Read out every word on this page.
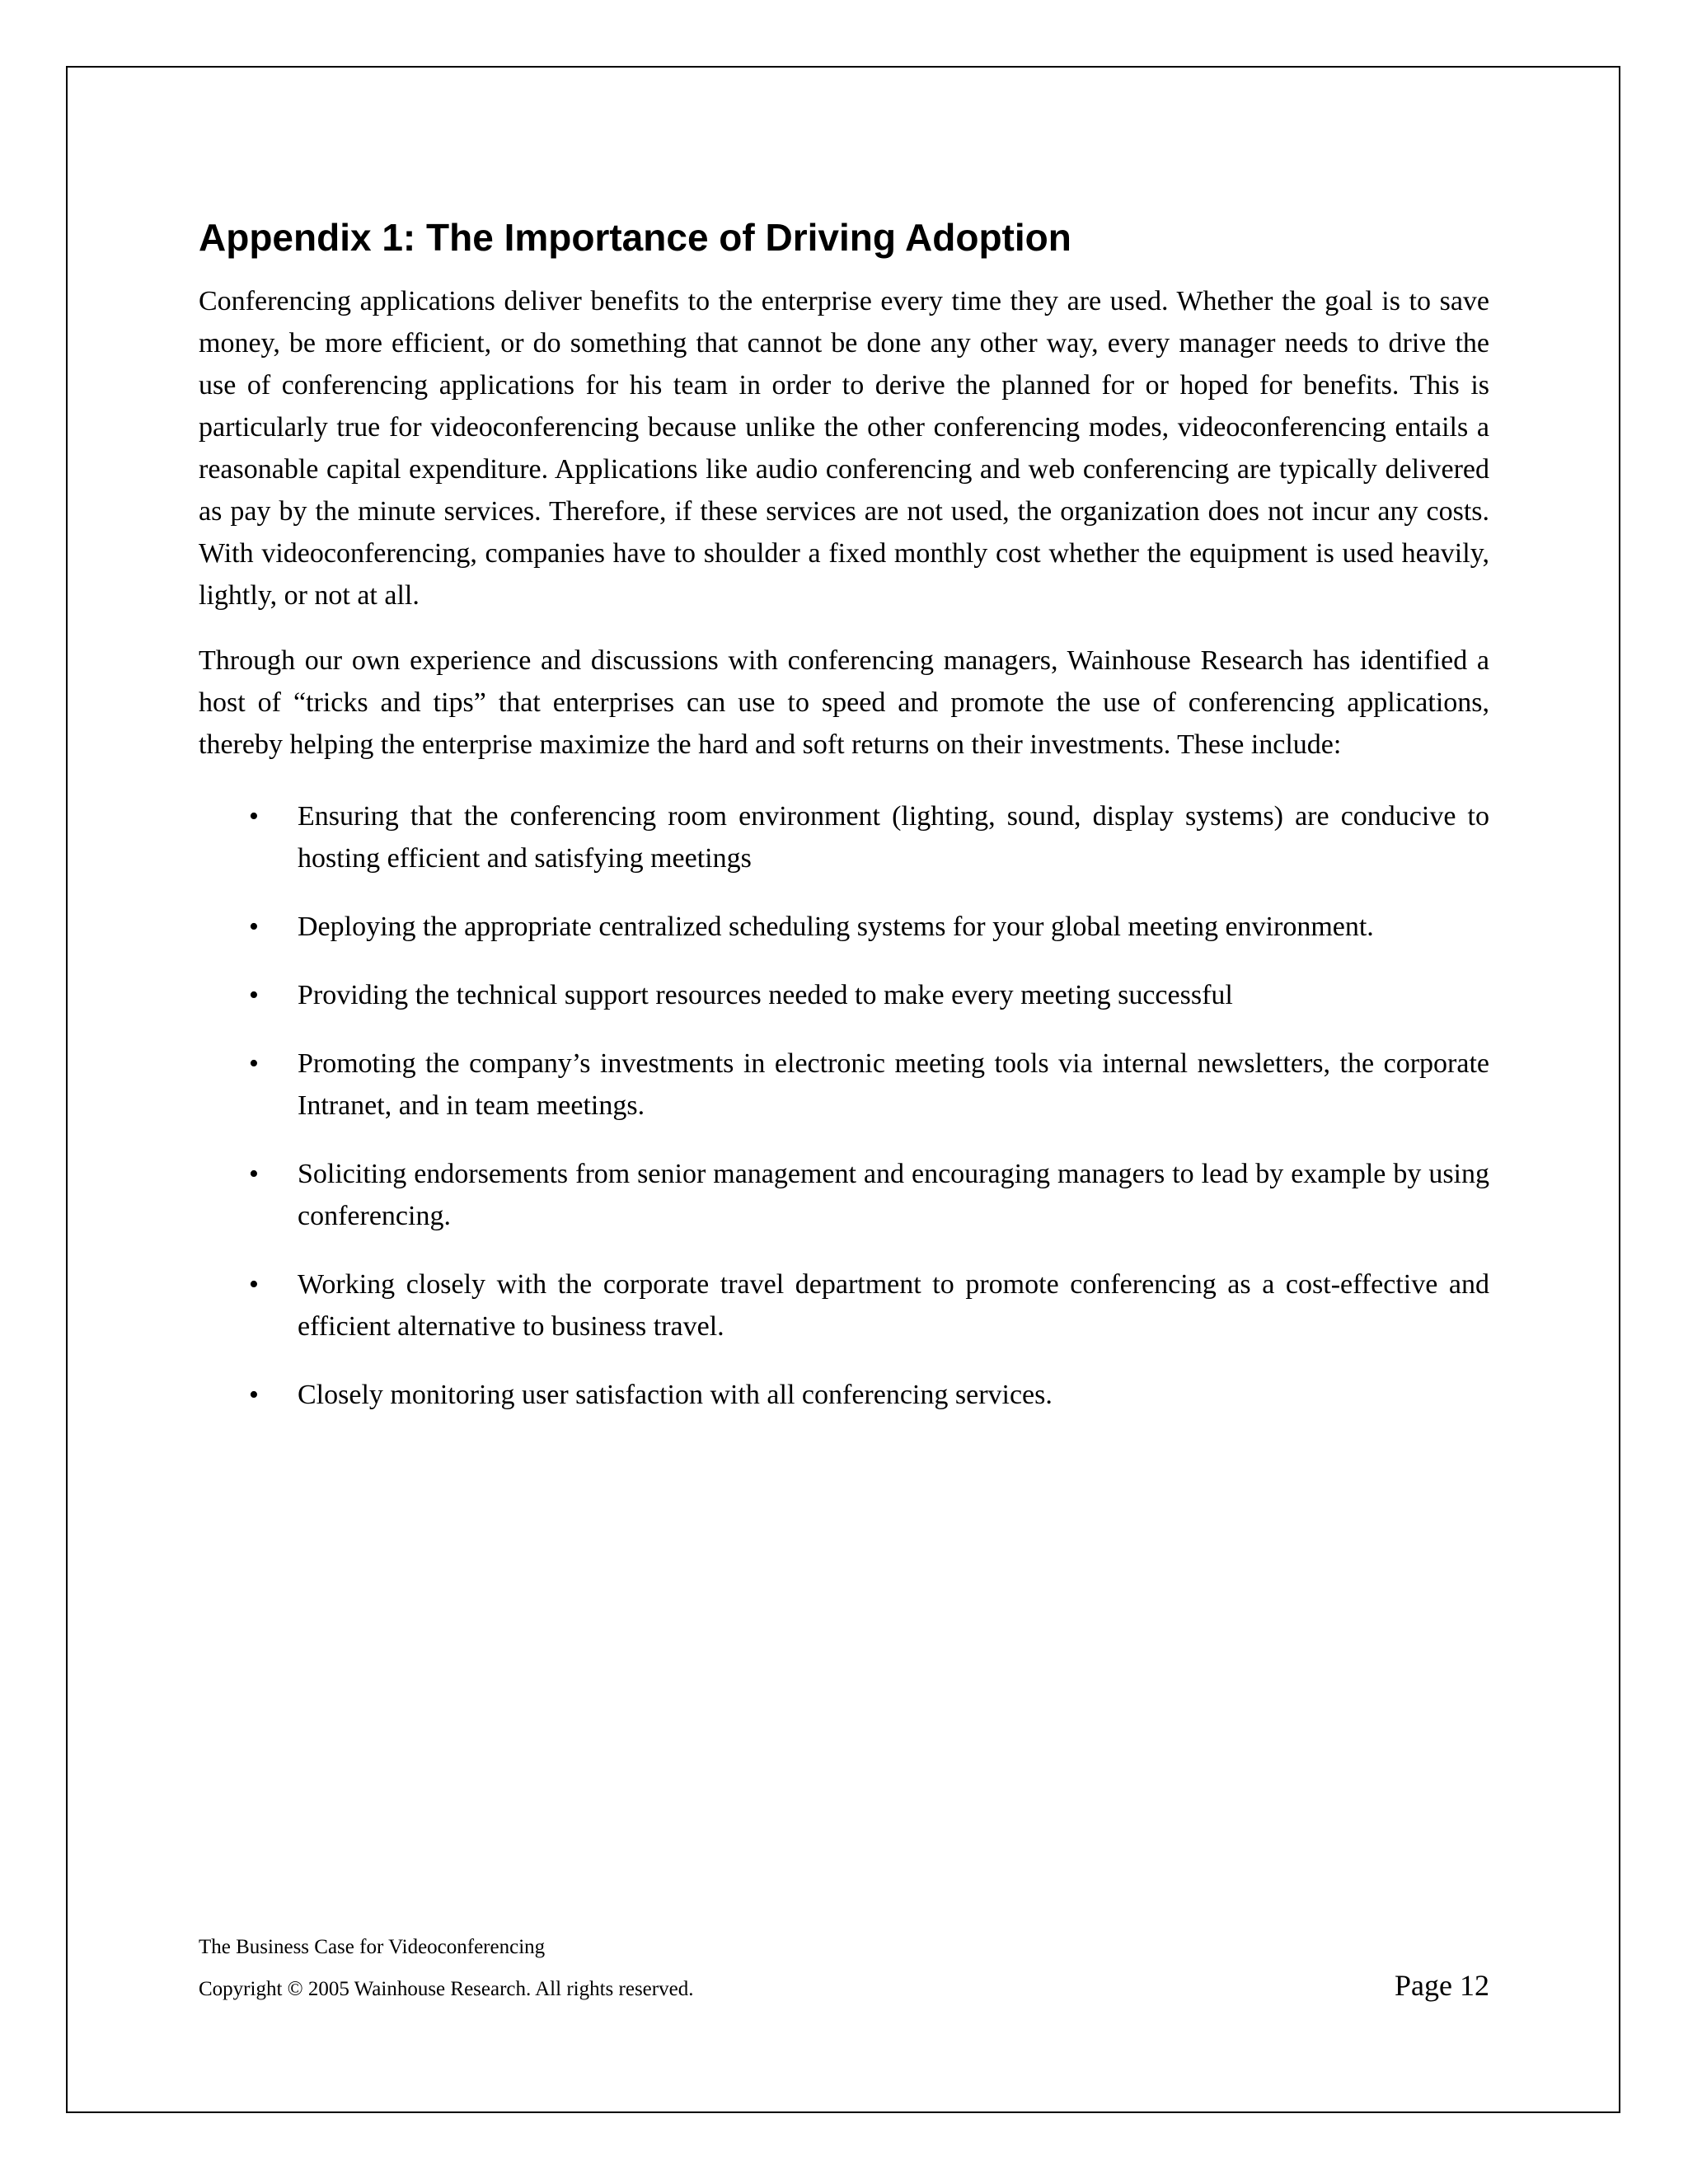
Appendix 1: The Importance of Driving Adoption

Conferencing applications deliver benefits to the enterprise every time they are used. Whether the goal is to save money, be more efficient, or do something that cannot be done any other way, every manager needs to drive the use of conferencing applications for his team in order to derive the planned for or hoped for benefits. This is particularly true for videoconferencing because unlike the other conferencing modes, videoconferencing entails a reasonable capital expenditure. Applications like audio conferencing and web conferencing are typically delivered as pay by the minute services. Therefore, if these services are not used, the organization does not incur any costs. With videoconferencing, companies have to shoulder a fixed monthly cost whether the equipment is used heavily, lightly, or not at all.

Through our own experience and discussions with conferencing managers, Wainhouse Research has identified a host of “tricks and tips” that enterprises can use to speed and promote the use of conferencing applications, thereby helping the enterprise maximize the hard and soft returns on their investments. These include:

•	Ensuring that the conferencing room environment (lighting, sound, display systems) are conducive to hosting efficient and satisfying meetings
•	Deploying the appropriate centralized scheduling systems for your global meeting environment.
•	Providing the technical support resources needed to make every meeting successful
•	Promoting the company’s investments in electronic meeting tools via internal newsletters, the corporate Intranet, and in team meetings.
•	Soliciting endorsements from senior management and encouraging managers to lead by example by using conferencing.
•	Working closely with the corporate travel department to promote conferencing as a cost-effective and efficient alternative to business travel.
•	Closely monitoring user satisfaction with all conferencing services.
The Business Case for Videoconferencing
Copyright © 2005 Wainhouse Research. All rights reserved.	Page 12
